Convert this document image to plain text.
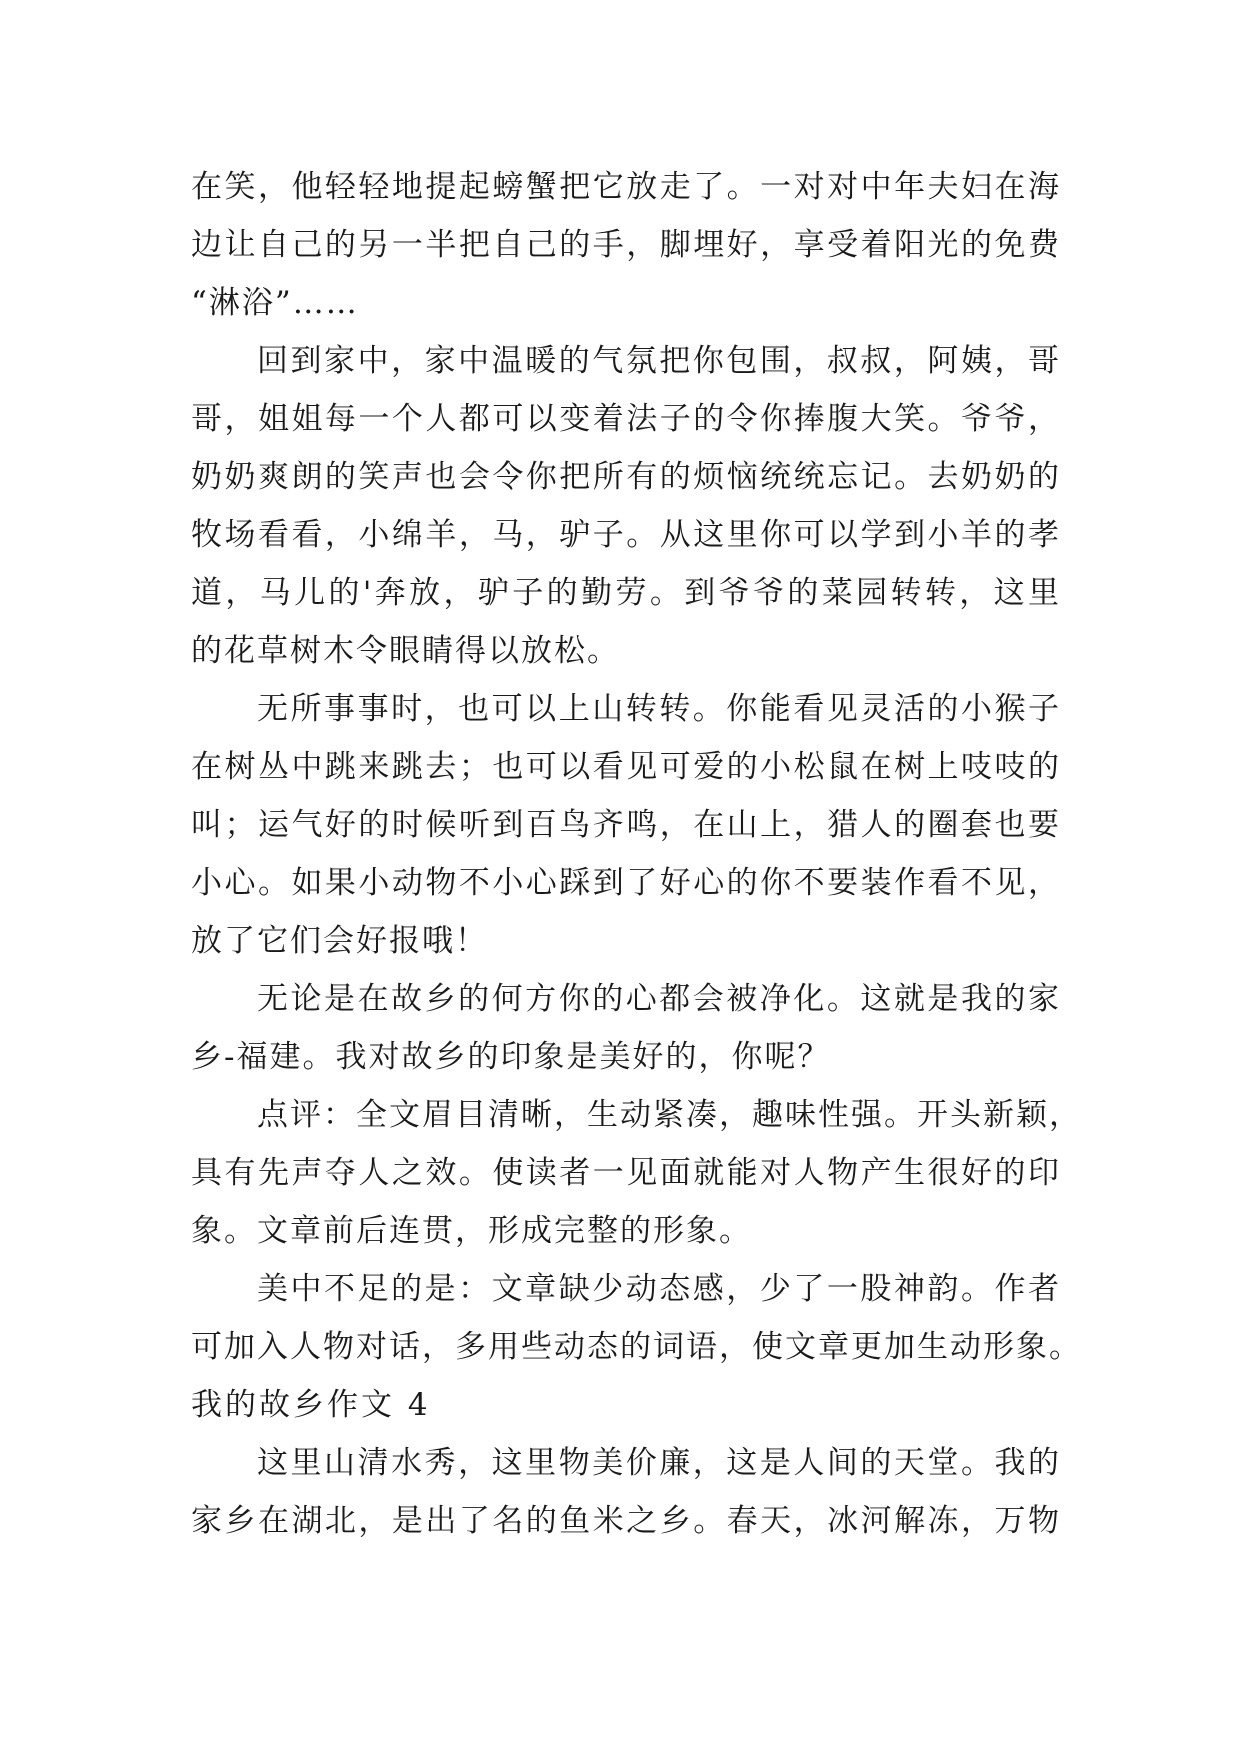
在笑，他轻轻地提起螃蟹把它放走了。一对对中年夫妇在海
边让自己的另一半把自己的手，脚埋好，享受着阳光的免费
“淋浴”……
回到家中，家中温暖的气氛把你包围，叔叔，阿姨，哥
哥，姐姐每一个人都可以变着法子的令你捧腹大笑。爷爷，
奶奶爽朗的笑声也会令你把所有的烦恼统统忘记。去奶奶的
牧场看看，小绵羊，马，驴子。从这里你可以学到小羊的孝
道，马儿的'奔放，驴子的勤劳。到爷爷的菜园转转，这里
的花草树木令眼睛得以放松。
无所事事时，也可以上山转转。你能看见灵活的小猴子
在树丛中跳来跳去；也可以看见可爱的小松鼠在树上吱吱的
叫；运气好的时候听到百鸟齐鸣，在山上，猎人的圈套也要
小心。如果小动物不小心踩到了好心的你不要装作看不见，
放了它们会好报哦！
无论是在故乡的何方你的心都会被净化。这就是我的家
乡-福建。我对故乡的印象是美好的，你呢？
点评：全文眉目清晰，生动紧凑，趣味性强。开头新颖，
具有先声夺人之效。使读者一见面就能对人物产生很好的印
象。文章前后连贯，形成完整的形象。
美中不足的是：文章缺少动态感，少了一股神韵。作者
可加入人物对话，多用些动态的词语，使文章更加生动形象。
我的故乡作文 4
这里山清水秀，这里物美价廉，这是人间的天堂。我的
家乡在湖北，是出了名的鱼米之乡。春天，冰河解冻，万物
